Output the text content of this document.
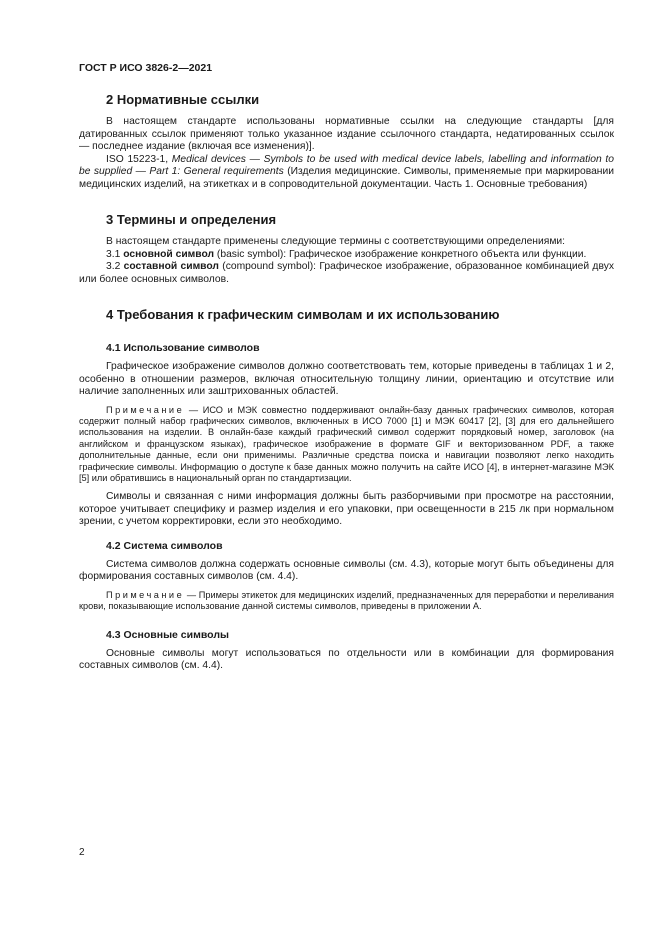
ГОСТ Р ИСО 3826-2—2021
2 Нормативные ссылки

В настоящем стандарте использованы нормативные ссылки на следующие стандарты [для датированных ссылок применяют только указанное издание ссылочного стандарта, недатированных ссылок — последнее издание (включая все изменения)].

ISO 15223-1, Medical devices — Symbols to be used with medical device labels, labelling and information to be supplied — Part 1: General requirements (Изделия медицинские. Символы, применяемые при маркировании медицинских изделий, на этикетках и в сопроводительной документации. Часть 1. Основные требования)

3 Термины и определения

В настоящем стандарте применены следующие термины с соответствующими определениями:

3.1 основной символ (basic symbol): Графическое изображение конкретного объекта или функции.

3.2 составной символ (compound symbol): Графическое изображение, образованное комбинацией двух или более основных символов.

4 Требования к графическим символам и их использованию
4.1 Использование символов

Графическое изображение символов должно соответствовать тем, которые приведены в таблицах 1 и 2, особенно в отношении размеров, включая относительную толщину линии, ориентацию и отсутствие или наличие заполненных или заштрихованных областей.

Примечание — ИСО и МЭК совместно поддерживают онлайн-базу данных графических символов, которая содержит полный набор графических символов, включенных в ИСО 7000 [1] и МЭК 60417 [2], [3] для его дальнейшего использования на изделии. В онлайн-базе каждый графический символ содержит порядковый номер, заголовок (на английском и французском языках), графическое изображение в формате GIF и векторизованном PDF, а также дополнительные данные, если они применимы. Различные средства поиска и навигации позволяют легко находить графические символы. Информацию о доступе к базе данных можно получить на сайте ИСО [4], в интернет-магазине МЭК [5] или обратившись в национальный орган по стандартизации.

Символы и связанная с ними информация должны быть разборчивыми при просмотре на расстоянии, которое учитывает специфику и размер изделия и его упаковки, при освещенности в 215 лк при нормальном зрении, с учетом корректировки, если это необходимо.

4.2 Система символов

Система символов должна содержать основные символы (см. 4.3), которые могут быть объединены для формирования составных символов (см. 4.4).

Примечание — Примеры этикеток для медицинских изделий, предназначенных для переработки и переливания крови, показывающие использование данной системы символов, приведены в приложении А.

4.3 Основные символы

Основные символы могут использоваться по отдельности или в комбинации для формирования составных символов (см. 4.4).

2
